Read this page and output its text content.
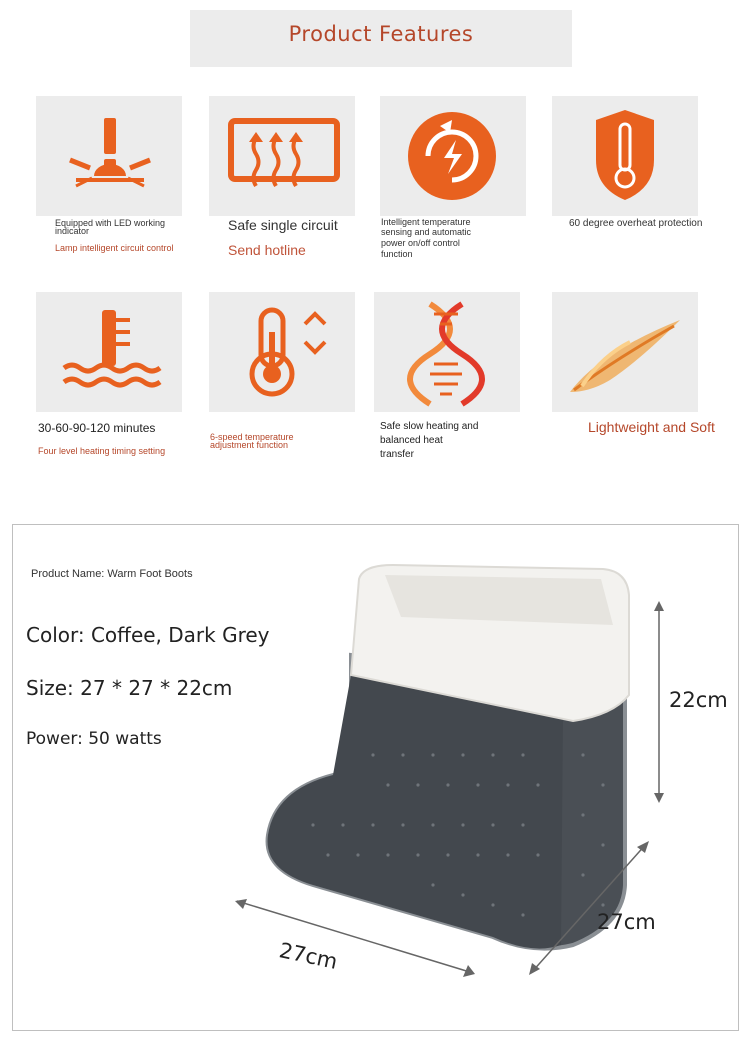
Product Features
Equipped with LED working
indicator
Lamp intelligent circuit control
Safe single circuit
Send hotline
Intelligent temperature
sensing and automatic
power on/off control
function
60 degree overheat protection
30-60-90-120 minutes
Four level heating timing setting
6-speed temperature
adjustment function
Safe slow heating and
balanced heat
transfer
Lightweight and Soft
Product Name: Warm Foot Boots
Color: Coffee, Dark Grey
Size: 27 * 27 * 22cm
Power: 50 watts
22cm
27cm
27cm
